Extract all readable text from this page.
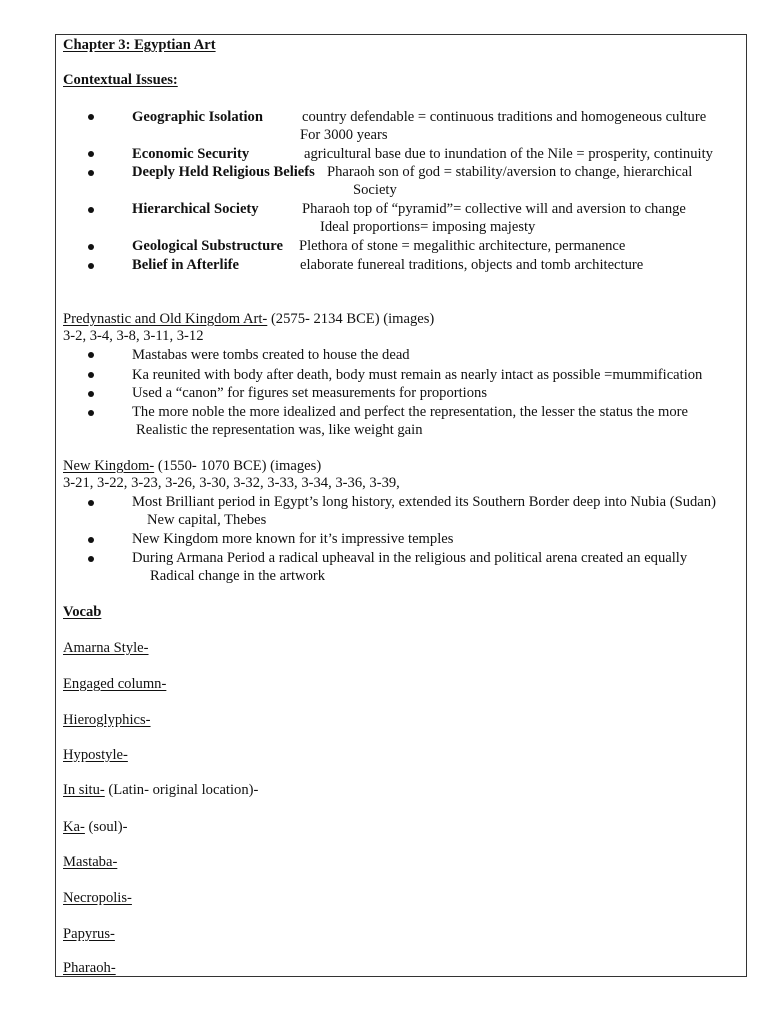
Chapter 3: Egyptian Art
Contextual Issues:
Geographic Isolation	country defendable = continuous traditions and homogeneous culture
For 3000 years
Economic Security	agricultural base due to inundation of the Nile = prosperity, continuity
Deeply Held Religious Beliefs Pharaoh son of god = stability/aversion to change, hierarchical
Society
Hierarchical Society	Pharaoh top of “pyramid”= collective will and aversion to change
Ideal proportions= imposing majesty
Geological Substructure Plethora of stone = megalithic architecture, permanence
Belief in Afterlife	elaborate funereal traditions, objects and tomb architecture
Predynastic and Old Kingdom Art- (2575- 2134 BCE) (images)
3-2, 3-4, 3-8, 3-11, 3-12
Mastabas were tombs created to house the dead
Ka reunited with body after death, body must remain as nearly intact as possible =mummification
Used a “canon” for figures set measurements for proportions
The more noble the more idealized and perfect the representation, the lesser the status the more
Realistic the representation was, like weight gain
New Kingdom- (1550- 1070 BCE) (images)
3-21, 3-22, 3-23, 3-26, 3-30, 3-32, 3-33, 3-34, 3-36, 3-39,
Most Brilliant period in Egypt’s long history, extended its Southern Border deep into Nubia (Sudan)
New capital, Thebes
New Kingdom more known for it’s impressive temples
During Armana Period a radical upheaval in the religious and political arena created an equally
Radical change in the artwork
Vocab
Amarna Style-
Engaged column-
Hieroglyphics-
Hypostyle-
In situ- (Latin- original location)-
Ka- (soul)-
Mastaba-
Necropolis-
Papyrus-
Pharaoh-
